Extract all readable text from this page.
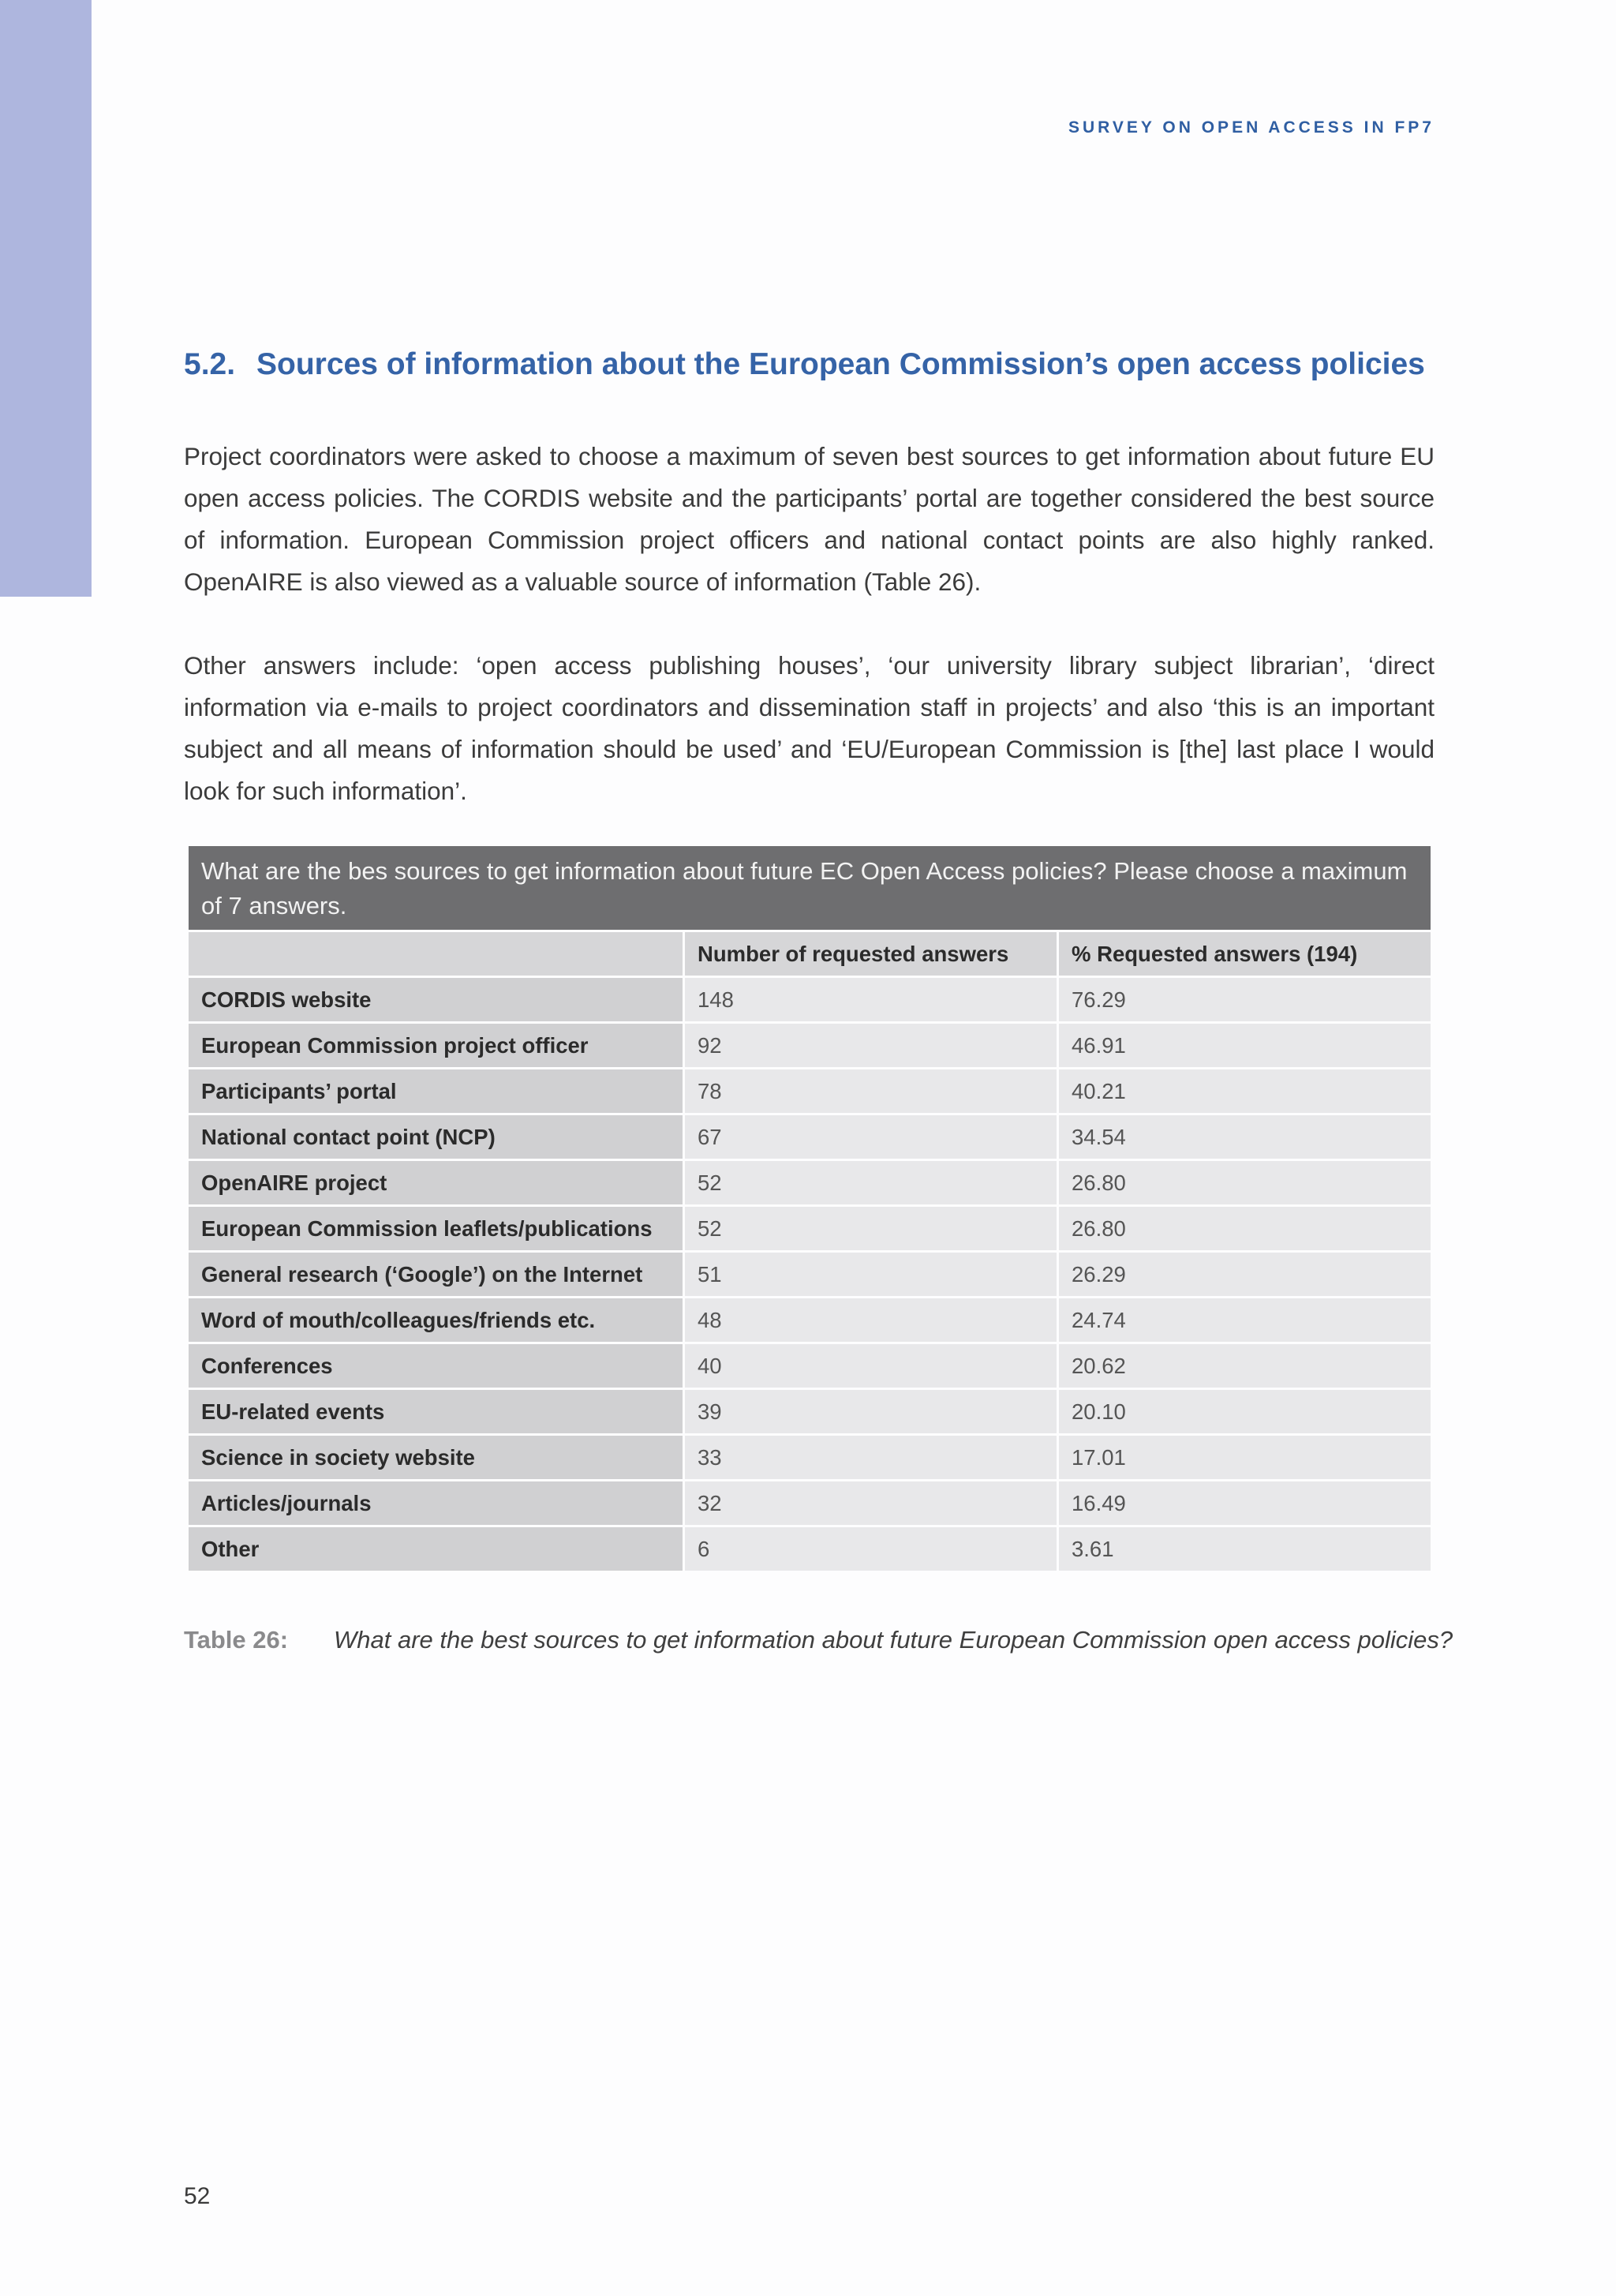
SURVEY ON OPEN ACCESS IN FP7
5.2. Sources of information about the European Commission’s open access policies

Project coordinators were asked to choose a maximum of seven best sources to get information about future EU open access policies. The CORDIS website and the participants’ portal are together considered the best source of information. European Commission project officers and national contact points are also highly ranked. OpenAIRE is also viewed as a valuable source of information (Table 26).

Other answers include: ‘open access publishing houses’, ‘our university library subject librarian’, ‘direct information via e-mails to project coordinators and dissemination staff in projects’ and also ‘this is an important subject and all means of information should be used’ and ‘EU/European Commission is [the] last place I would look for such information’.

What are the bes sources to get information about future EC Open Access policies? Please choose a maximum of 7 answers.		
	Number of requested answers	% Requested answers (194)
CORDIS website	148	76.29
European Commission project officer	92	46.91
Participants’ portal	78	40.21
National contact point (NCP)	67	34.54
OpenAIRE project	52	26.80
European Commission leaflets/publications	52	26.80
General research (‘Google’) on the Internet	51	26.29
Word of mouth/colleagues/friends etc.	48	24.74
Conferences	40	20.62
EU-related events	39	20.10
Science in society website	33	17.01
Articles/journals	32	16.49
Other	6	3.61
Table 26: What are the best sources to get information about future European Commission open access policies?
52
